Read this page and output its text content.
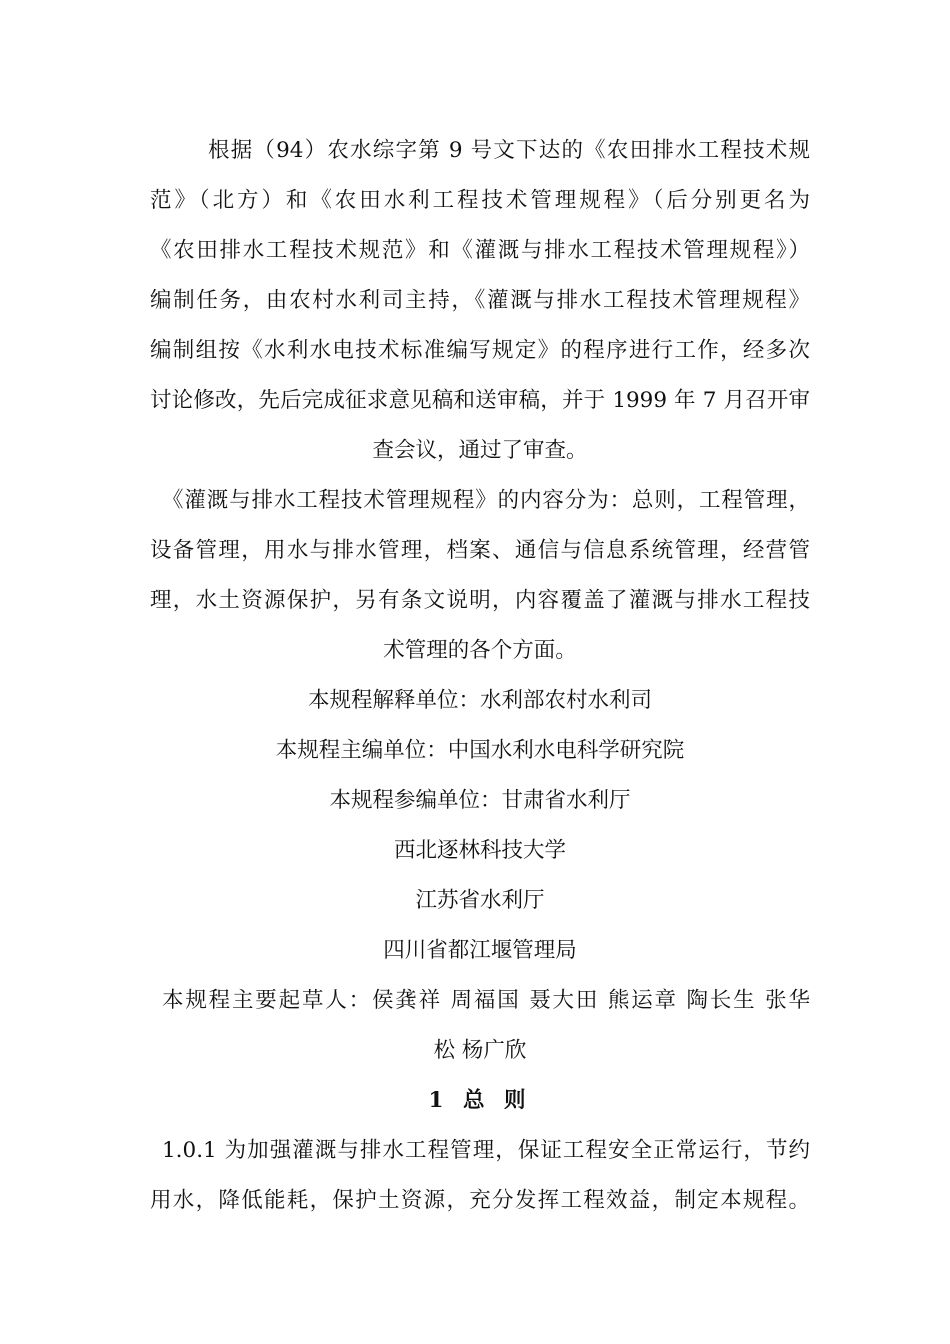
根据（94）农水综字第 9 号文下达的《农田排水工程技术规
范》（北方）和《农田水利工程技术管理规程》（后分别更名为
《农田排水工程技术规范》和《灌溉与排水工程技术管理规程》）
编制任务，由农村水利司主持，《灌溉与排水工程技术管理规程》
编制组按《水利水电技术标准编写规定》的程序进行工作，经多次
讨论修改，先后完成征求意见稿和送审稿，并于 1999 年 7 月召开审
查会议，通过了审查。
《灌溉与排水工程技术管理规程》的内容分为：总则，工程管理，
设备管理，用水与排水管理，档案、通信与信息系统管理，经营管
理，水土资源保护，另有条文说明，内容覆盖了灌溉与排水工程技
术管理的各个方面。
本规程解释单位：水利部农村水利司
本规程主编单位：中国水利水电科学研究院
本规程参编单位：甘肃省水利厅
西北逐林科技大学
江苏省水利厅
四川省都江堰管理局
本规程主要起草人：侯龚祥 周福国 聂大田 熊运章 陶长生 张华
松 杨广欣
1 总 则
1.0.1 为加强灌溉与排水工程管理，保证工程安全正常运行，节约
用水，降低能耗，保护土资源，充分发挥工程效益，制定本规程。
